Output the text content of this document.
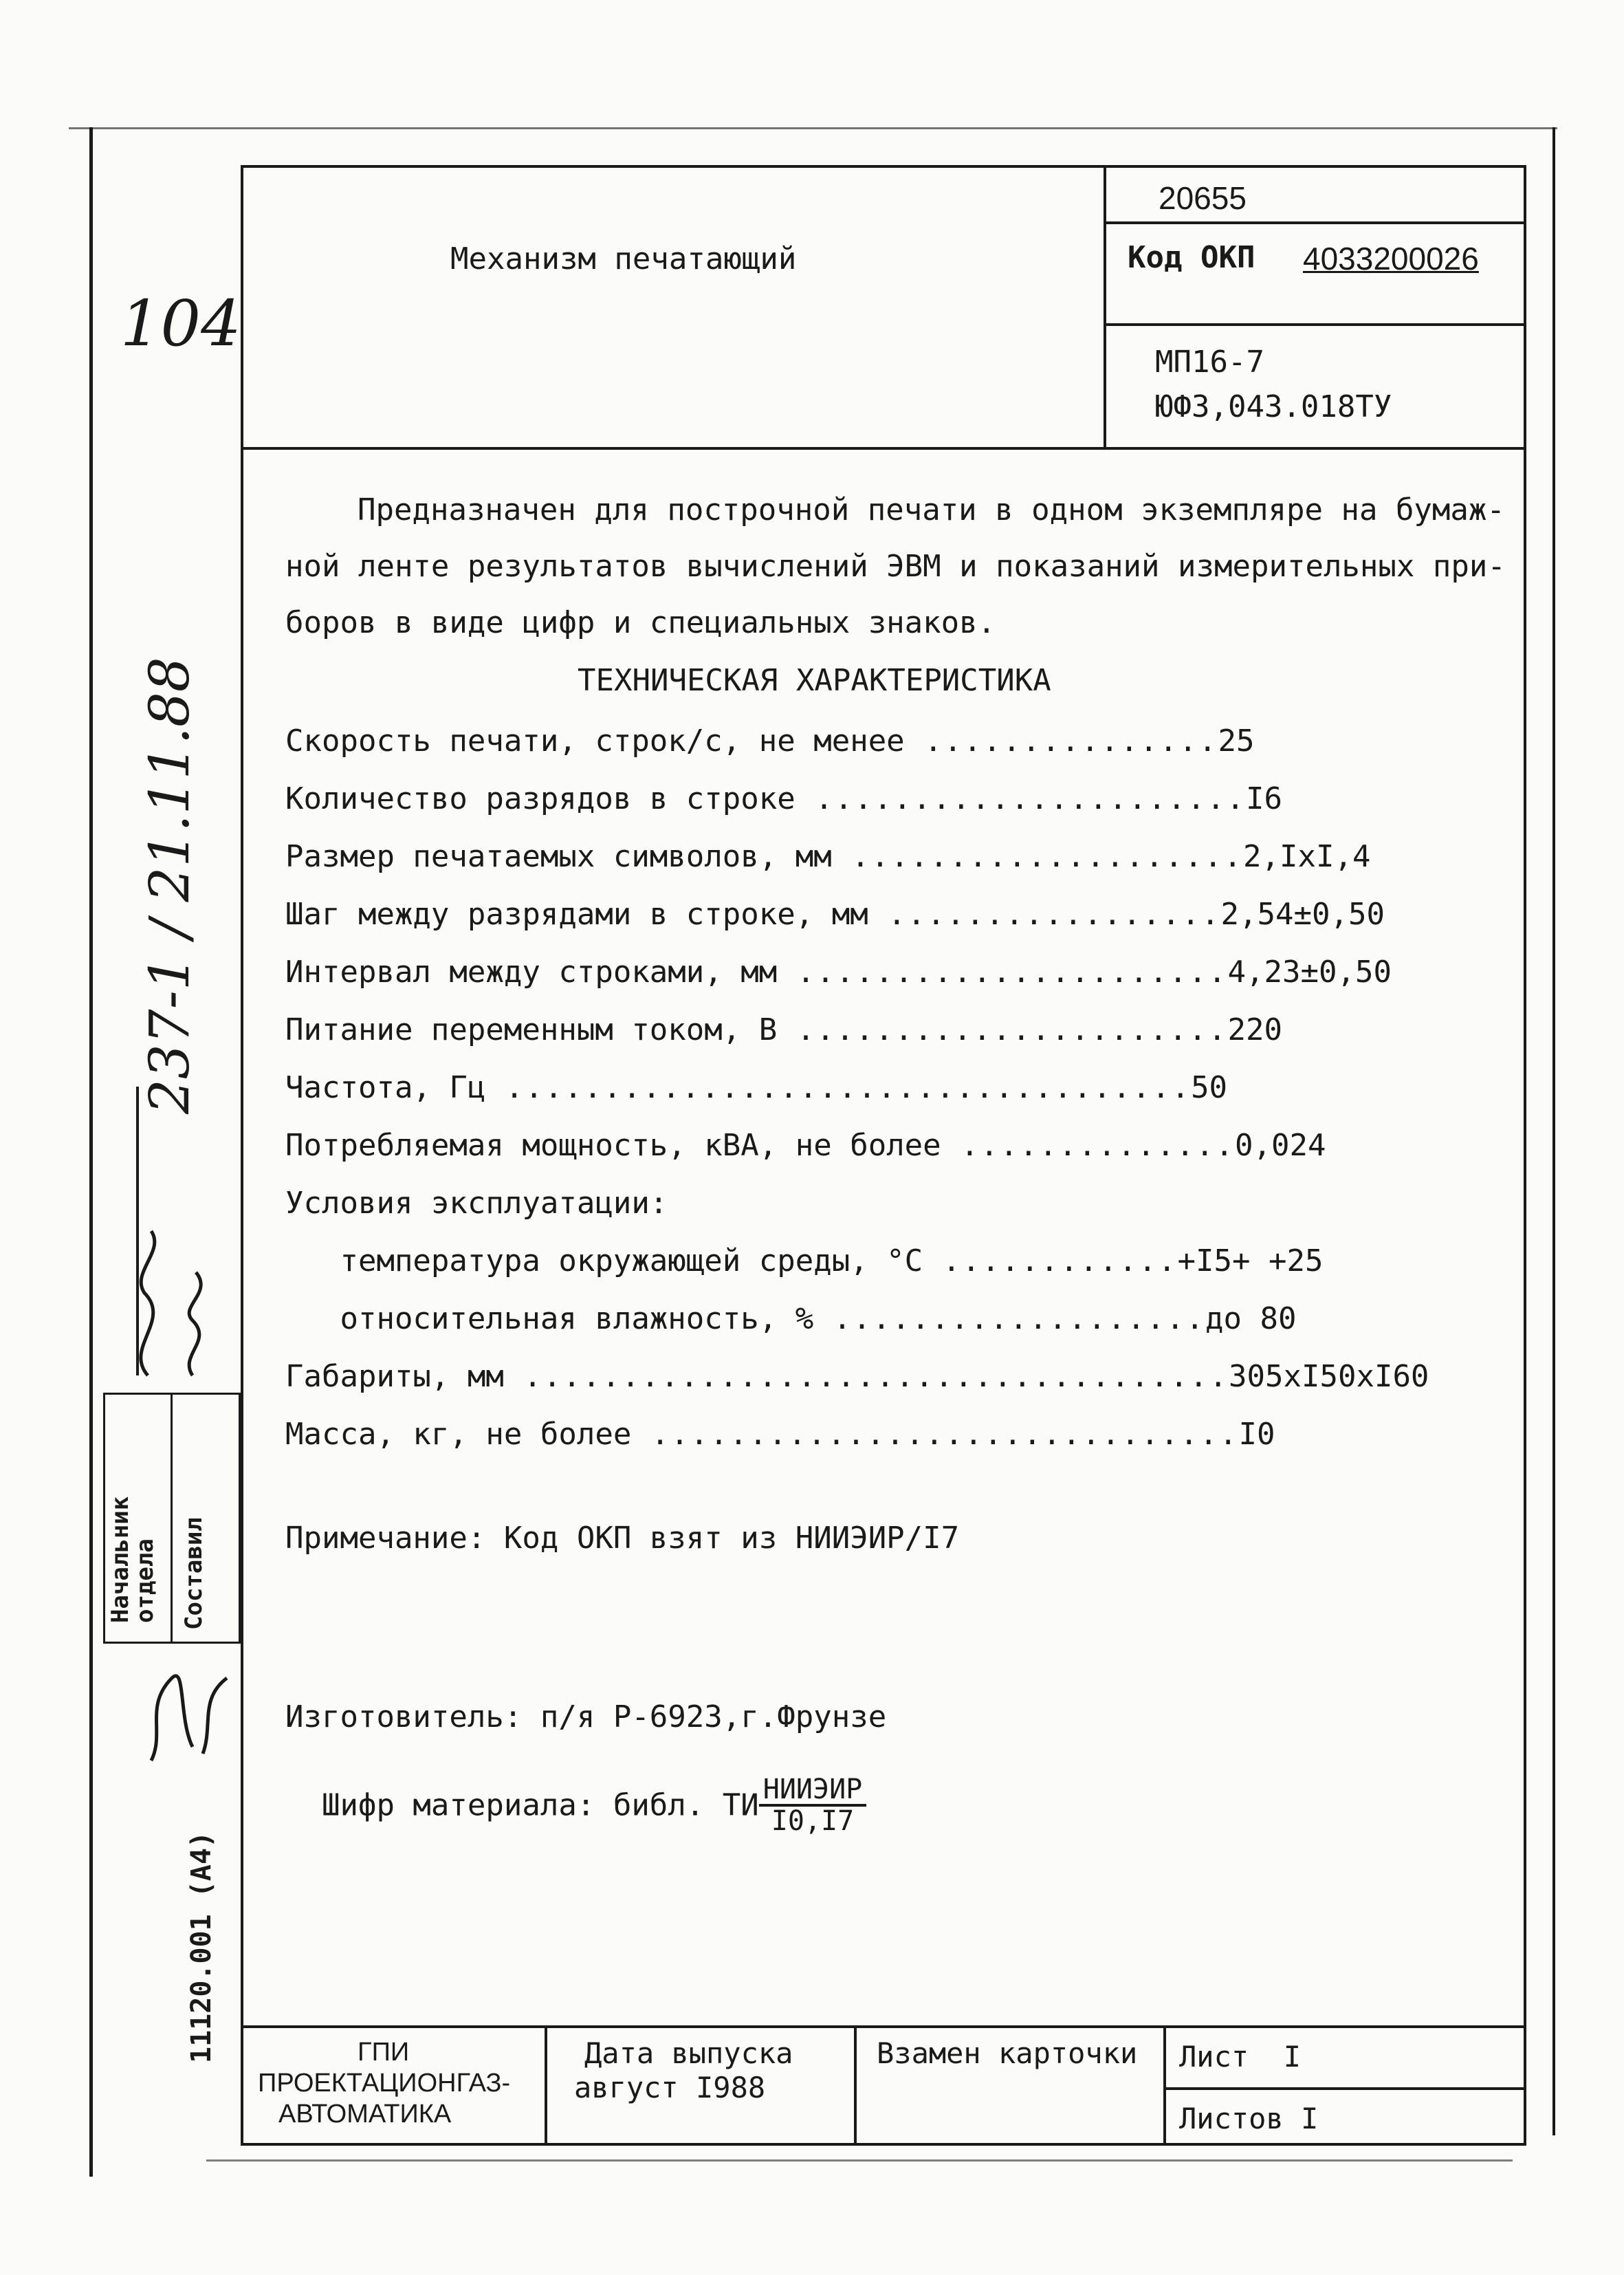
104
237-1 / 21.11.88
Начальник отдела Составил
11120.001 (A4)
Механизм печатающий
20655
Код ОКП 4033200026
МП16-7
ЮФЗ,043.018ТУ
Предназначен для построчной печати в одном экземпляре на бумаж-
ной ленте результатов вычислений ЭВМ и показаний измерительных при-
боров в виде цифр и специальных знаков.
ТЕХНИЧЕСКАЯ ХАРАКТЕРИСТИКА
Скорость печати, строк/с, не менее ...............25
Количество разрядов в строке ......................I6
Размер печатаемых символов, мм ....................2,IxI,4
Шаг между разрядами в строке, мм .................2,54±0,50
Интервал между строками, мм ......................4,23±0,50
Питание переменным током, В ......................220
Частота, Гц ...................................50
Потребляемая мощность, кВА, не более ..............0,024
Условия эксплуатации:
температура окружающей среды, °С ............+I5+ +25
относительная влажность, % ...................до 80
Габариты, мм ....................................305хI50хI60
Масса, кг, не более ..............................I0
Примечание: Код ОКП взят из НИИЭИР/I7
Изготовитель: п/я Р-6923,г.Фрунзе

Шифр материала: библ. ТИ $\frac{\text{НИИЭИР}}{I0,I7}$

ГПИ
ПРОЕКТАЦИОНГАЗ-
АВТОМАТИКА
Дата выпуска
август I988
Взамен карточки Лист  I
Листов I
